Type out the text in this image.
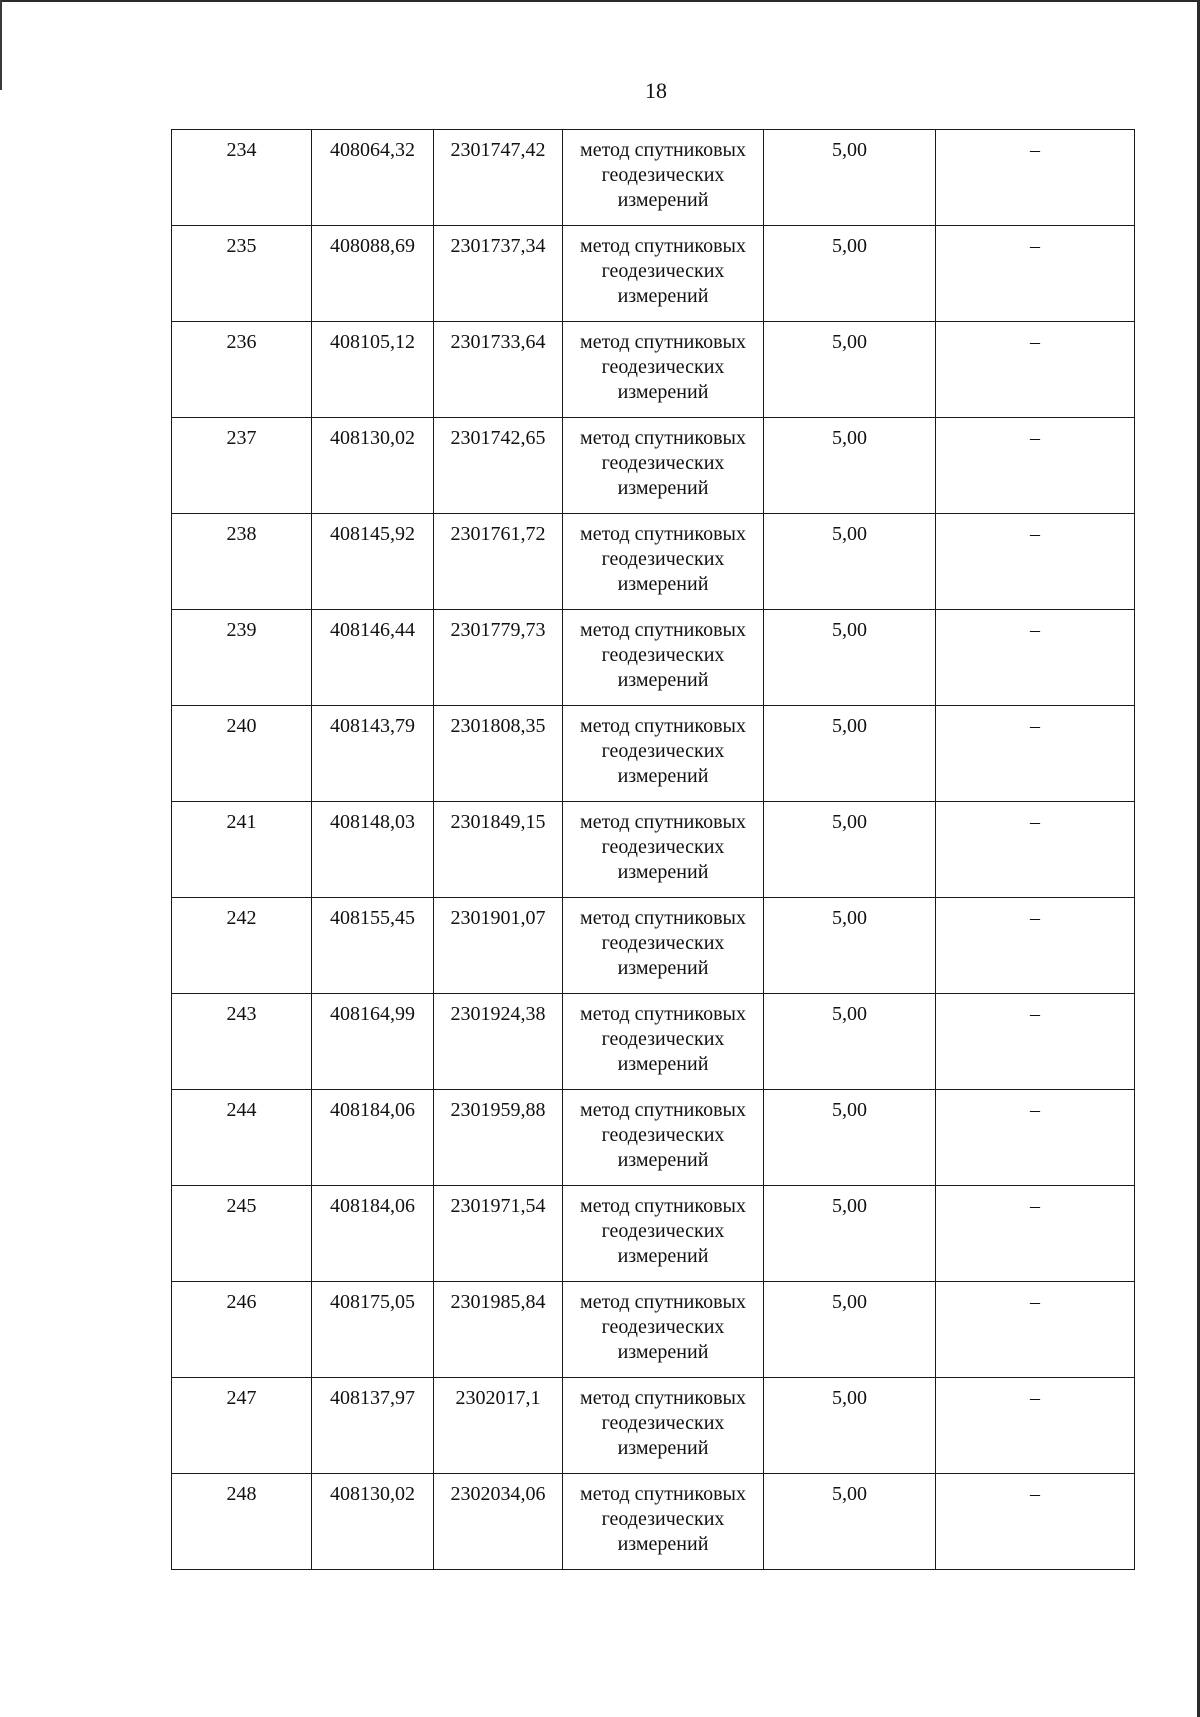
18
234	408064,32	2301747,42	метод спутниковых геодезических измерений	5,00	–
235	408088,69	2301737,34	метод спутниковых геодезических измерений	5,00	–
236	408105,12	2301733,64	метод спутниковых геодезических измерений	5,00	–
237	408130,02	2301742,65	метод спутниковых геодезических измерений	5,00	–
238	408145,92	2301761,72	метод спутниковых геодезических измерений	5,00	–
239	408146,44	2301779,73	метод спутниковых геодезических измерений	5,00	–
240	408143,79	2301808,35	метод спутниковых геодезических измерений	5,00	–
241	408148,03	2301849,15	метод спутниковых геодезических измерений	5,00	–
242	408155,45	2301901,07	метод спутниковых геодезических измерений	5,00	–
243	408164,99	2301924,38	метод спутниковых геодезических измерений	5,00	–
244	408184,06	2301959,88	метод спутниковых геодезических измерений	5,00	–
245	408184,06	2301971,54	метод спутниковых геодезических измерений	5,00	–
246	408175,05	2301985,84	метод спутниковых геодезических измерений	5,00	–
247	408137,97	2302017,1	метод спутниковых геодезических измерений	5,00	–
248	408130,02	2302034,06	метод спутниковых геодезических измерений	5,00	–
